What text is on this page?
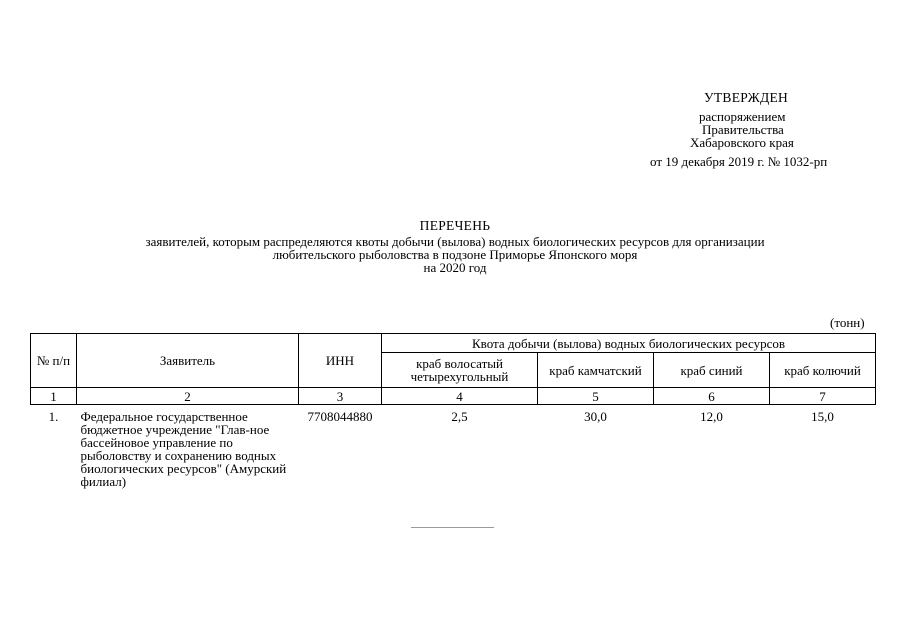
УТВЕРЖДЕН
распоряжением
Правительства
Хабаровского края
от 19 декабря 2019 г. № 1032-рп
ПЕРЕЧЕНЬ
заявителей, которым распределяются квоты добычи (вылова) водных биологических ресурсов для организации
любительского рыболовства в подзоне Приморье Японского моря
на 2020 год
(тонн)
№ п/п	Заявитель	ИНН	Квота добычи (вылова) водных биологических ресурсов			
			краб волосатый четырехугольный	краб камчатский	краб синий	краб колючий
1	2	3	4	5	6	7
1.	Федеральное государственное бюджетное учреждение "Глав-ное бассейновое управление по рыболовству и сохранению водных биологических ресурсов" (Амурский филиал)	7708044880	2,5	30,0	12,0	15,0
